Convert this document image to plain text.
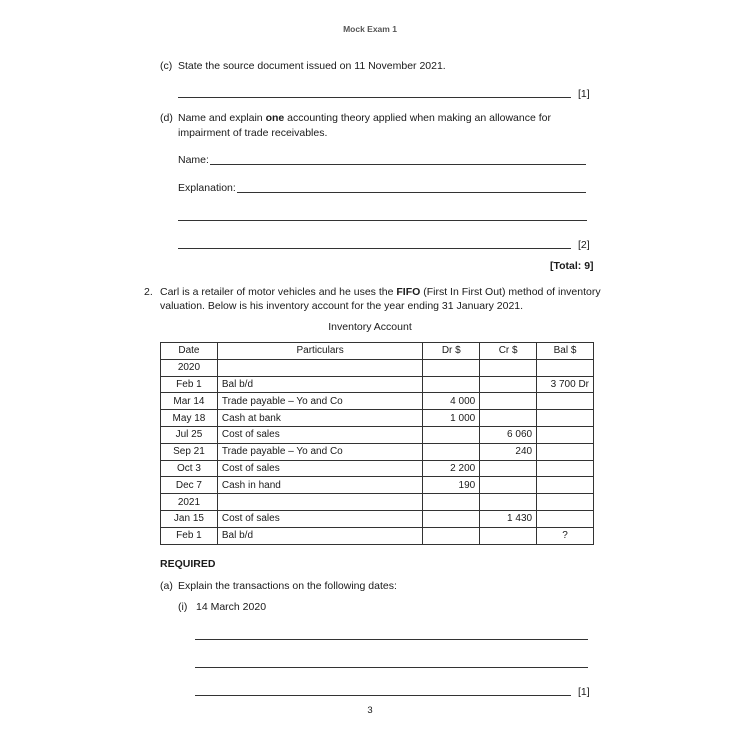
Mock Exam 1
(c) State the source document issued on 11 November 2021.
[1]
(d) Name and explain one accounting theory applied when making an allowance for
impairment of trade receivables.
Name:
Explanation:
[2]
[Total: 9]
2. Carl is a retailer of motor vehicles and he uses the FIFO (First In First Out) method of inventory
valuation. Below is his inventory account for the year ending 31 January 2021.
Inventory Account
Date	Particulars	Dr $	Cr $	Bal $
2020				
Feb 1	Bal b/d			3 700 Dr
Mar 14	Trade payable – Yo and Co	4 000		
May 18	Cash at bank	1 000		
Jul 25	Cost of sales		6 060	
Sep 21	Trade payable – Yo and Co		240	
Oct 3	Cost of sales	2 200		
Dec 7	Cash in hand	190		
2021				
Jan 15	Cost of sales		1 430	
Feb 1	Bal b/d			?
REQUIRED
(a) Explain the transactions on the following dates:
(i) 14 March 2020
[1]
3
